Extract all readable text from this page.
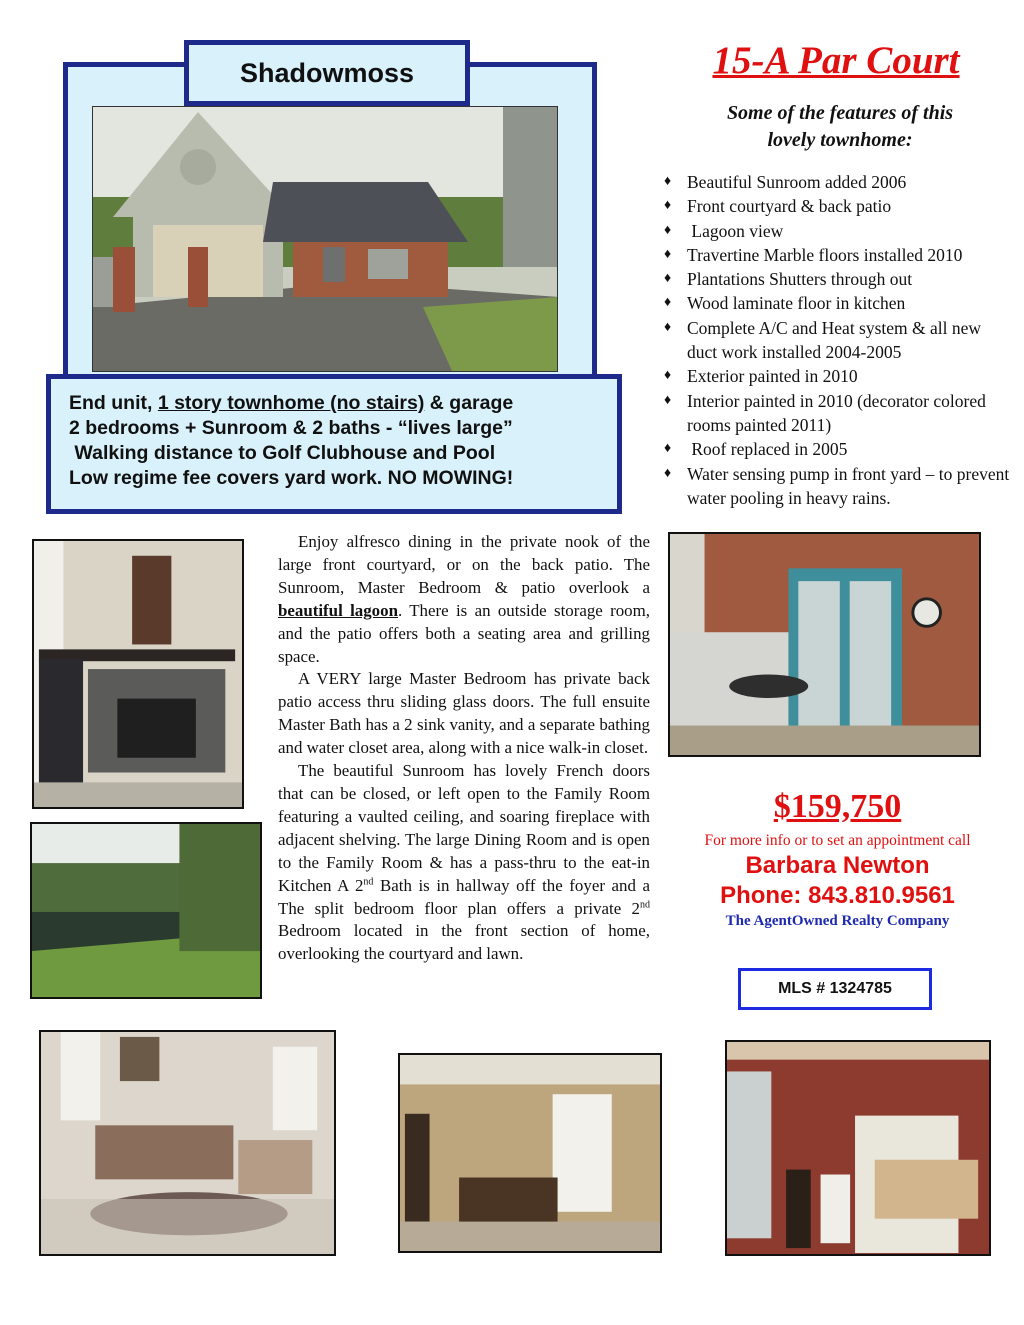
Shadowmoss
End unit, 1 story townhome (no stairs) & garage
2 bedrooms + Sunroom & 2 baths - “lives large”
Walking distance to Golf Clubhouse and Pool
Low regime fee covers yard work. NO MOWING!
15-A Par Court
Some of the features of this
lovely townhome:
♦ Beautiful Sunroom added 2006
♦ Front courtyard & back patio
♦ Lagoon view
♦ Travertine Marble floors installed 2010
♦ Plantations Shutters through out
♦ Wood laminate floor in kitchen
♦ Complete A/C and Heat system & all new duct work installed 2004-2005
♦ Exterior painted in 2010
♦ Interior painted in 2010 (decorator colored rooms painted 2011)
♦ Roof replaced in 2005
♦ Water sensing pump in front yard – to prevent water pooling in heavy rains.

Enjoy alfresco dining in the private nook of the large front courtyard, or on the back patio. The Sunroom, Master Bedroom & patio overlook a beautiful lagoon. There is an outside storage room, and the patio offers both a seating area and grilling space.

A VERY large Master Bedroom has private back patio access thru sliding glass doors. The full ensuite Master Bath has a 2 sink vanity, and a separate bathing and water closet area, along with a nice walk-in closet.

The beautiful Sunroom has lovely French doors that can be closed, or left open to the Family Room featuring a vaulted ceiling, and soaring fireplace with adjacent shelving. The large Dining Room and is open to the Family Room & has a pass-thru to the eat-in Kitchen A 2nd Bath is in hallway off the foyer and a The split bedroom floor plan offers a private 2nd Bedroom located in the front section of home, overlooking the courtyard and lawn.

$159,750
For more info or to set an appointment call
Barbara Newton
Phone: 843.810.9561
The AgentOwned Realty Company
MLS # 1324785
